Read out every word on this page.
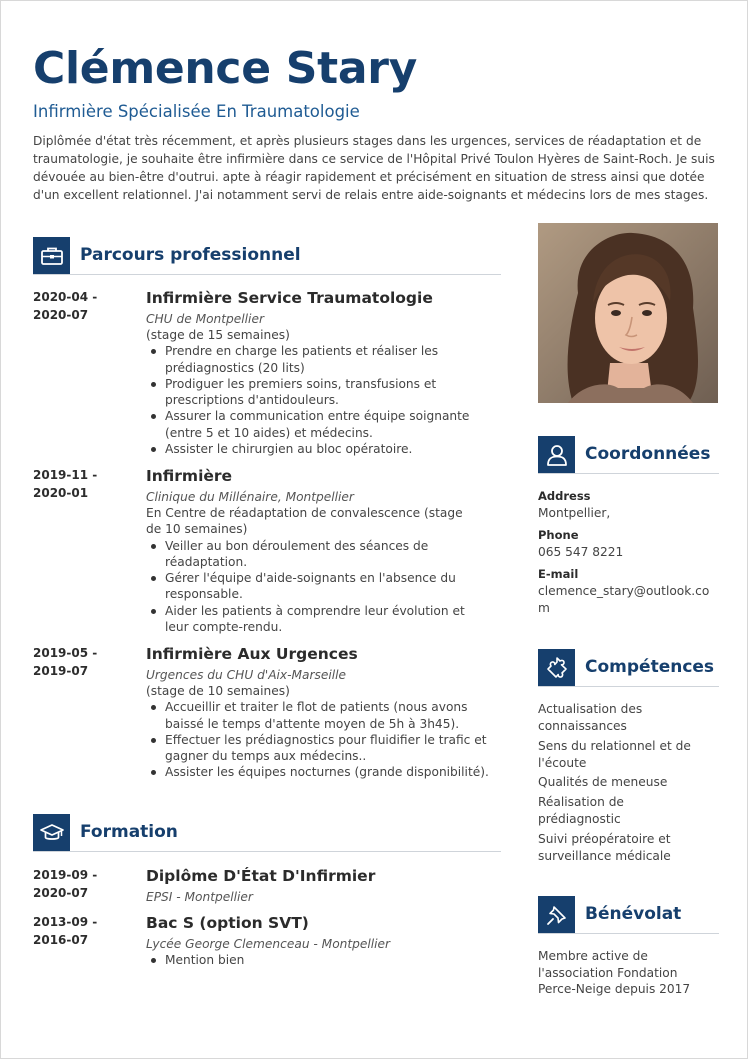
Clémence Stary
Infirmière Spécialisée En Traumatologie
Diplômée d'état très récemment, et après plusieurs stages dans les urgences, services de réadaptation et de
traumatologie, je souhaite être infirmière dans ce service de l'Hôpital Privé Toulon Hyères de Saint-Roch. Je suis
dévouée au bien-être d'outrui. apte à réagir rapidement et précisément en situation de stress ainsi que dotée
d'un excellent relationnel. J'ai notamment servi de relais entre aide-soignants et médecins lors de mes stages.
Parcours professionnel
2020-04 -
2020-07
Infirmière Service Traumatologie
CHU de Montpellier
(stage de 15 semaines)
Prendre en charge les patients et réaliser les
prédiagnostics (20 lits)
Prodiguer les premiers soins, transfusions et
prescriptions d'antidouleurs.
Assurer la communication entre équipe soignante
(entre 5 et 10 aides) et médecins.
Assister le chirurgien au bloc opératoire.
2019-11 -
2020-01
Infirmière
Clinique du Millénaire, Montpellier
En Centre de réadaptation de convalescence (stage
de 10 semaines)
Veiller au bon déroulement des séances de
réadaptation.
Gérer l'équipe d'aide-soignants en l'absence du
responsable.
Aider les patients à comprendre leur évolution et
leur compte-rendu.
2019-05 -
2019-07
Infirmière Aux Urgences
Urgences du CHU d'Aix-Marseille
(stage de 10 semaines)
Accueillir et traiter le flot de patients (nous avons
baissé le temps d'attente moyen de 5h à 3h45).
Effectuer les prédiagnostics pour fluidifier le trafic et
gagner du temps aux médecins..
Assister les équipes nocturnes (grande disponibilité).
Formation
2019-09 -
2020-07
Diplôme D'État D'Infirmier
EPSI - Montpellier
2013-09 -
2016-07
Bac S (option SVT)
Lycée George Clemenceau - Montpellier
Mention bien
Coordonnées
Address
Montpellier,
Phone
065 547 8221
E-mail
clemence_stary@outlook.co
m
Compétences
Actualisation des
connaissances
Sens du relationnel et de
l'écoute
Qualités de meneuse
Réalisation de
prédiagnostic
Suivi préopératoire et
surveillance médicale
Bénévolat
Membre active de
l'association Fondation
Perce-Neige depuis 2017
